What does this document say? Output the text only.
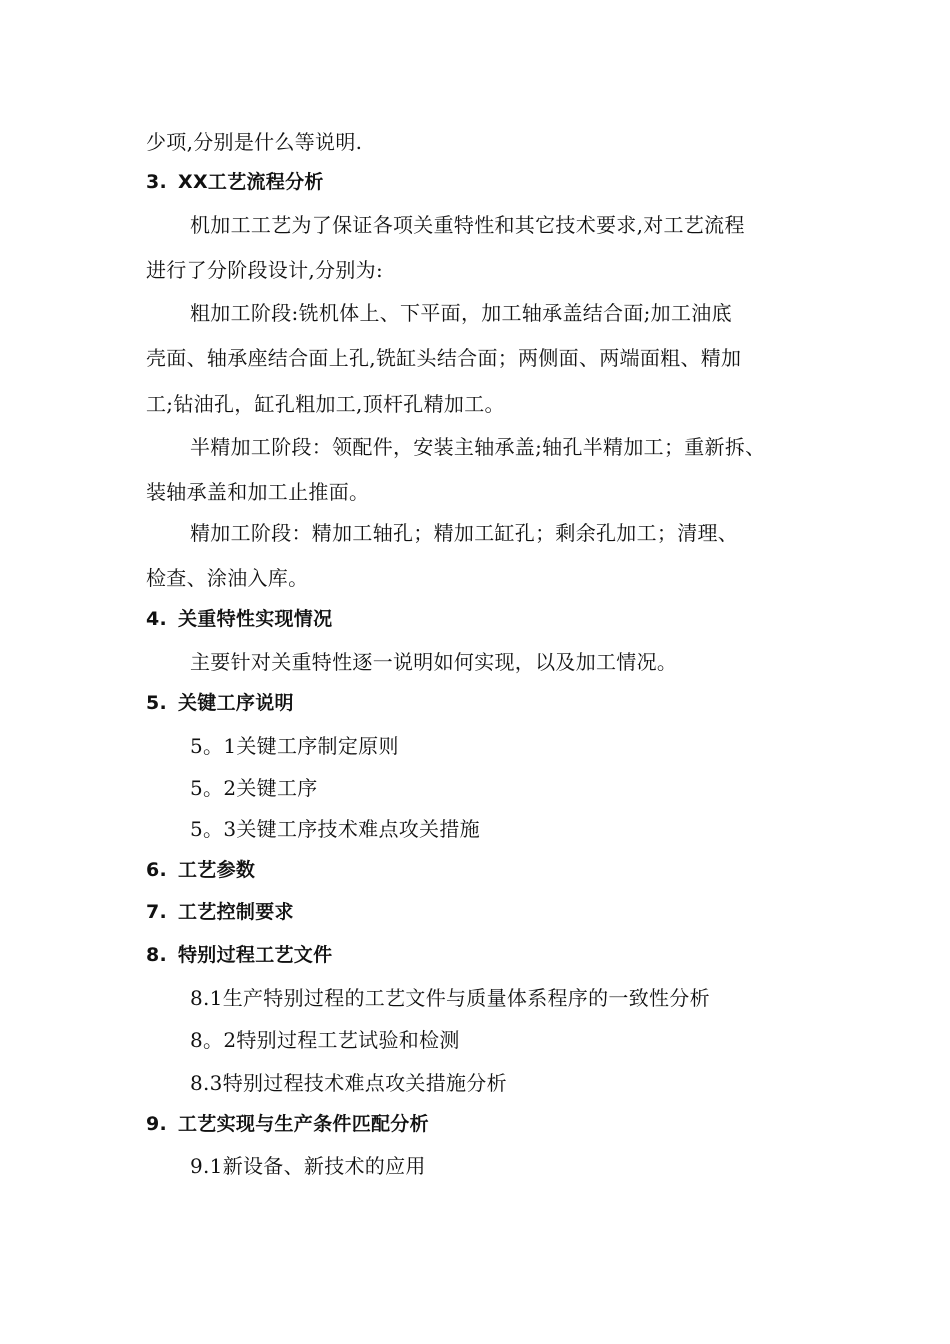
少项,分别是什么等说明.
3. XX工艺流程分析
机加工工艺为了保证各项关重特性和其它技术要求,对工艺流程
进行了分阶段设计,分别为:
粗加工阶段:铣机体上、下平面，加工轴承盖结合面;加工油底
壳面、轴承座结合面上孔,铣缸头结合面；两侧面、两端面粗、精加
工;钻油孔，缸孔粗加工,顶杆孔精加工。
半精加工阶段：领配件，安装主轴承盖;轴孔半精加工；重新拆、
装轴承盖和加工止推面。
精加工阶段：精加工轴孔；精加工缸孔；剩余孔加工；清理、
检查、涂油入库。
4. 关重特性实现情况
主要针对关重特性逐一说明如何实现，以及加工情况。
5. 关键工序说明
5。1关键工序制定原则
5。2关键工序
5。3关键工序技术难点攻关措施
6. 工艺参数
7. 工艺控制要求
8. 特别过程工艺文件
8.1生产特别过程的工艺文件与质量体系程序的一致性分析
8。2特别过程工艺试验和检测
8.3特别过程技术难点攻关措施分析
9. 工艺实现与生产条件匹配分析
9.1新设备、新技术的应用
